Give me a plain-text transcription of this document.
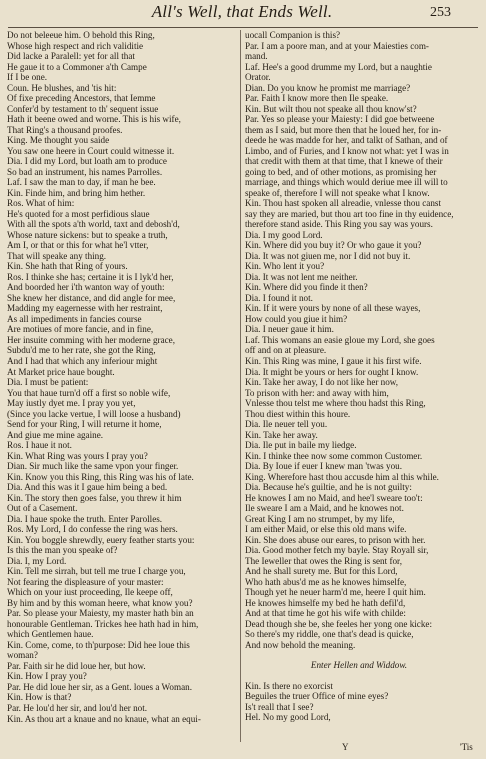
All's Well, that Ends Well.	253
Do not beleeue him. O behold this Ring,
Whose high respect and rich validitie
Did lacke a Paralell: yet for all that
He gaue it to a Commoner a'th Campe
If I be one.
Coun. He blushes, and 'tis hit:
Of fixe preceding Ancestors, that Iemme
Confer'd by testament to th' sequent issue
Hath it beene owed and worne. This is his wife,
That Ring's a thousand proofes.
King. Me thought you saide
You saw one heere in Court could witnesse it.
Dia. I did my Lord, but loath am to produce
So bad an instrument, his names Parrolles.
Laf. I saw the man to day, if man he bee.
Kin. Finde him, and bring him hether.
Ros. What of him:
He's quoted for a most perfidious slaue
With all the spots a'th world, taxt and debosh'd,
Whose nature sickens: but to speake a truth,
Am I, or that or this for what he'l vtter,
That will speake any thing.
Kin. She hath that Ring of yours.
Ros. I thinke she has; certaine it is I lyk'd her,
And boorded her i'th wanton way of youth:
She knew her distance, and did angle for mee,
Madding my eagernesse with her restraint,
As all impediments in fancies course
Are motiues of more fancie, and in fine,
Her insuite comming with her moderne grace,
Subdu'd me to her rate, she got the Ring,
And I had that which any inferiour might
At Market price haue bought.
Dia. I must be patient:
You that haue turn'd off a first so noble wife,
May iustly dyet me. I pray you yet,
(Since you lacke vertue, I will loose a husband)
Send for your Ring, I will returne it home,
And giue me mine againe.
Ros. I haue it not.
Kin. What Ring was yours I pray you?
Dian. Sir much like the same vpon your finger.
Kin. Know you this Ring, this Ring was his of late.
Dia. And this was it I gaue him being a bed.
Kin. The story then goes false, you threw it him
Out of a Casement.
Dia. I haue spoke the truth. Enter Parolles.
Ros. My Lord, I do confesse the ring was hers.
Kin. You boggle shrewdly, euery feather starts you:
Is this the man you speake of?
Dia. I, my Lord.
Kin. Tell me sirrah, but tell me true I charge you,
Not fearing the displeasure of your master:
Which on your iust proceeding, Ile keepe off,
By him and by this woman heere, what know you?
Par. So please your Maiesty, my master hath bin an
honourable Gentleman. Trickes hee hath had in him,
which Gentlemen haue.
Kin. Come, come, to th'purpose: Did hee loue this
woman?
Par. Faith sir he did loue her, but how.
Kin. How I pray you?
Par. He did loue her sir, as a Gent. loues a Woman.
Kin. How is that?
Par. He lou'd her sir, and lou'd her not.
Kin. As thou art a knaue and no knaue, what an equi-
uocall Companion is this?
Par. I am a poore man, and at your Maiesties com-
mand.
Laf. Hee's a good drumme my Lord, but a naughtie
Orator.
Dian. Do you know he promist me marriage?
Par. Faith I know more then Ile speake.
Kin. But wilt thou not speake all thou know'st?
Par. Yes so please your Maiesty: I did goe betweene
them as I said, but more then that he loued her, for in-
deede he was madde for her, and talkt of Sathan, and of
Limbo, and of Furies, and I know not what: yet I was in
that credit with them at that time, that I knewe of their
going to bed, and of other motions, as promising her
marriage, and things which would deriue mee ill will to
speake of, therefore I will not speake what I know.
Kin. Thou hast spoken all alreadie, vnlesse thou canst
say they are maried, but thou art too fine in thy euidence,
therefore stand aside. This Ring you say was yours.
Dia. I my good Lord.
Kin. Where did you buy it? Or who gaue it you?
Dia. It was not giuen me, nor I did not buy it.
Kin. Who lent it you?
Dia. It was not lent me neither.
Kin. Where did you finde it then?
Dia. I found it not.
Kin. If it were yours by none of all these wayes,
How could you giue it him?
Dia. I neuer gaue it him.
Laf. This womans an easie gloue my Lord, she goes
off and on at pleasure.
Kin. This Ring was mine, I gaue it his first wife.
Dia. It might be yours or hers for ought I know.
Kin. Take her away, I do not like her now,
To prison with her: and away with him,
Vnlesse thou telst me where thou hadst this Ring,
Thou diest within this houre.
Dia. Ile neuer tell you.
Kin. Take her away.
Dia. Ile put in baile my liedge.
Kin. I thinke thee now some common Customer.
Dia. By Ioue if euer I knew man 'twas you.
King. Wherefore hast thou accusde him al this while.
Dia. Because he's guiltie, and he is not guilty:
He knowes I am no Maid, and hee'l sweare too't:
Ile sweare I am a Maid, and he knowes not.
Great King I am no strumpet, by my life,
I am either Maid, or else this old mans wife.
Kin. She does abuse our eares, to prison with her.
Dia. Good mother fetch my bayle. Stay Royall sir,
The Ieweller that owes the Ring is sent for,
And he shall surety me. But for this Lord,
Who hath abus'd me as he knowes himselfe,
Though yet he neuer harm'd me, heere I quit him.
He knowes himselfe my bed he hath defil'd,
And at that time he got his wife with childe:
Dead though she be, she feeles her yong one kicke:
So there's my riddle, one that's dead is quicke,
And now behold the meaning.
Enter Hellen and Widdow.
Kin. Is there no exorcist
Beguiles the truer Office of mine eyes?
Is't reall that I see?
Hel. No my good Lord,
Y	'Tis
